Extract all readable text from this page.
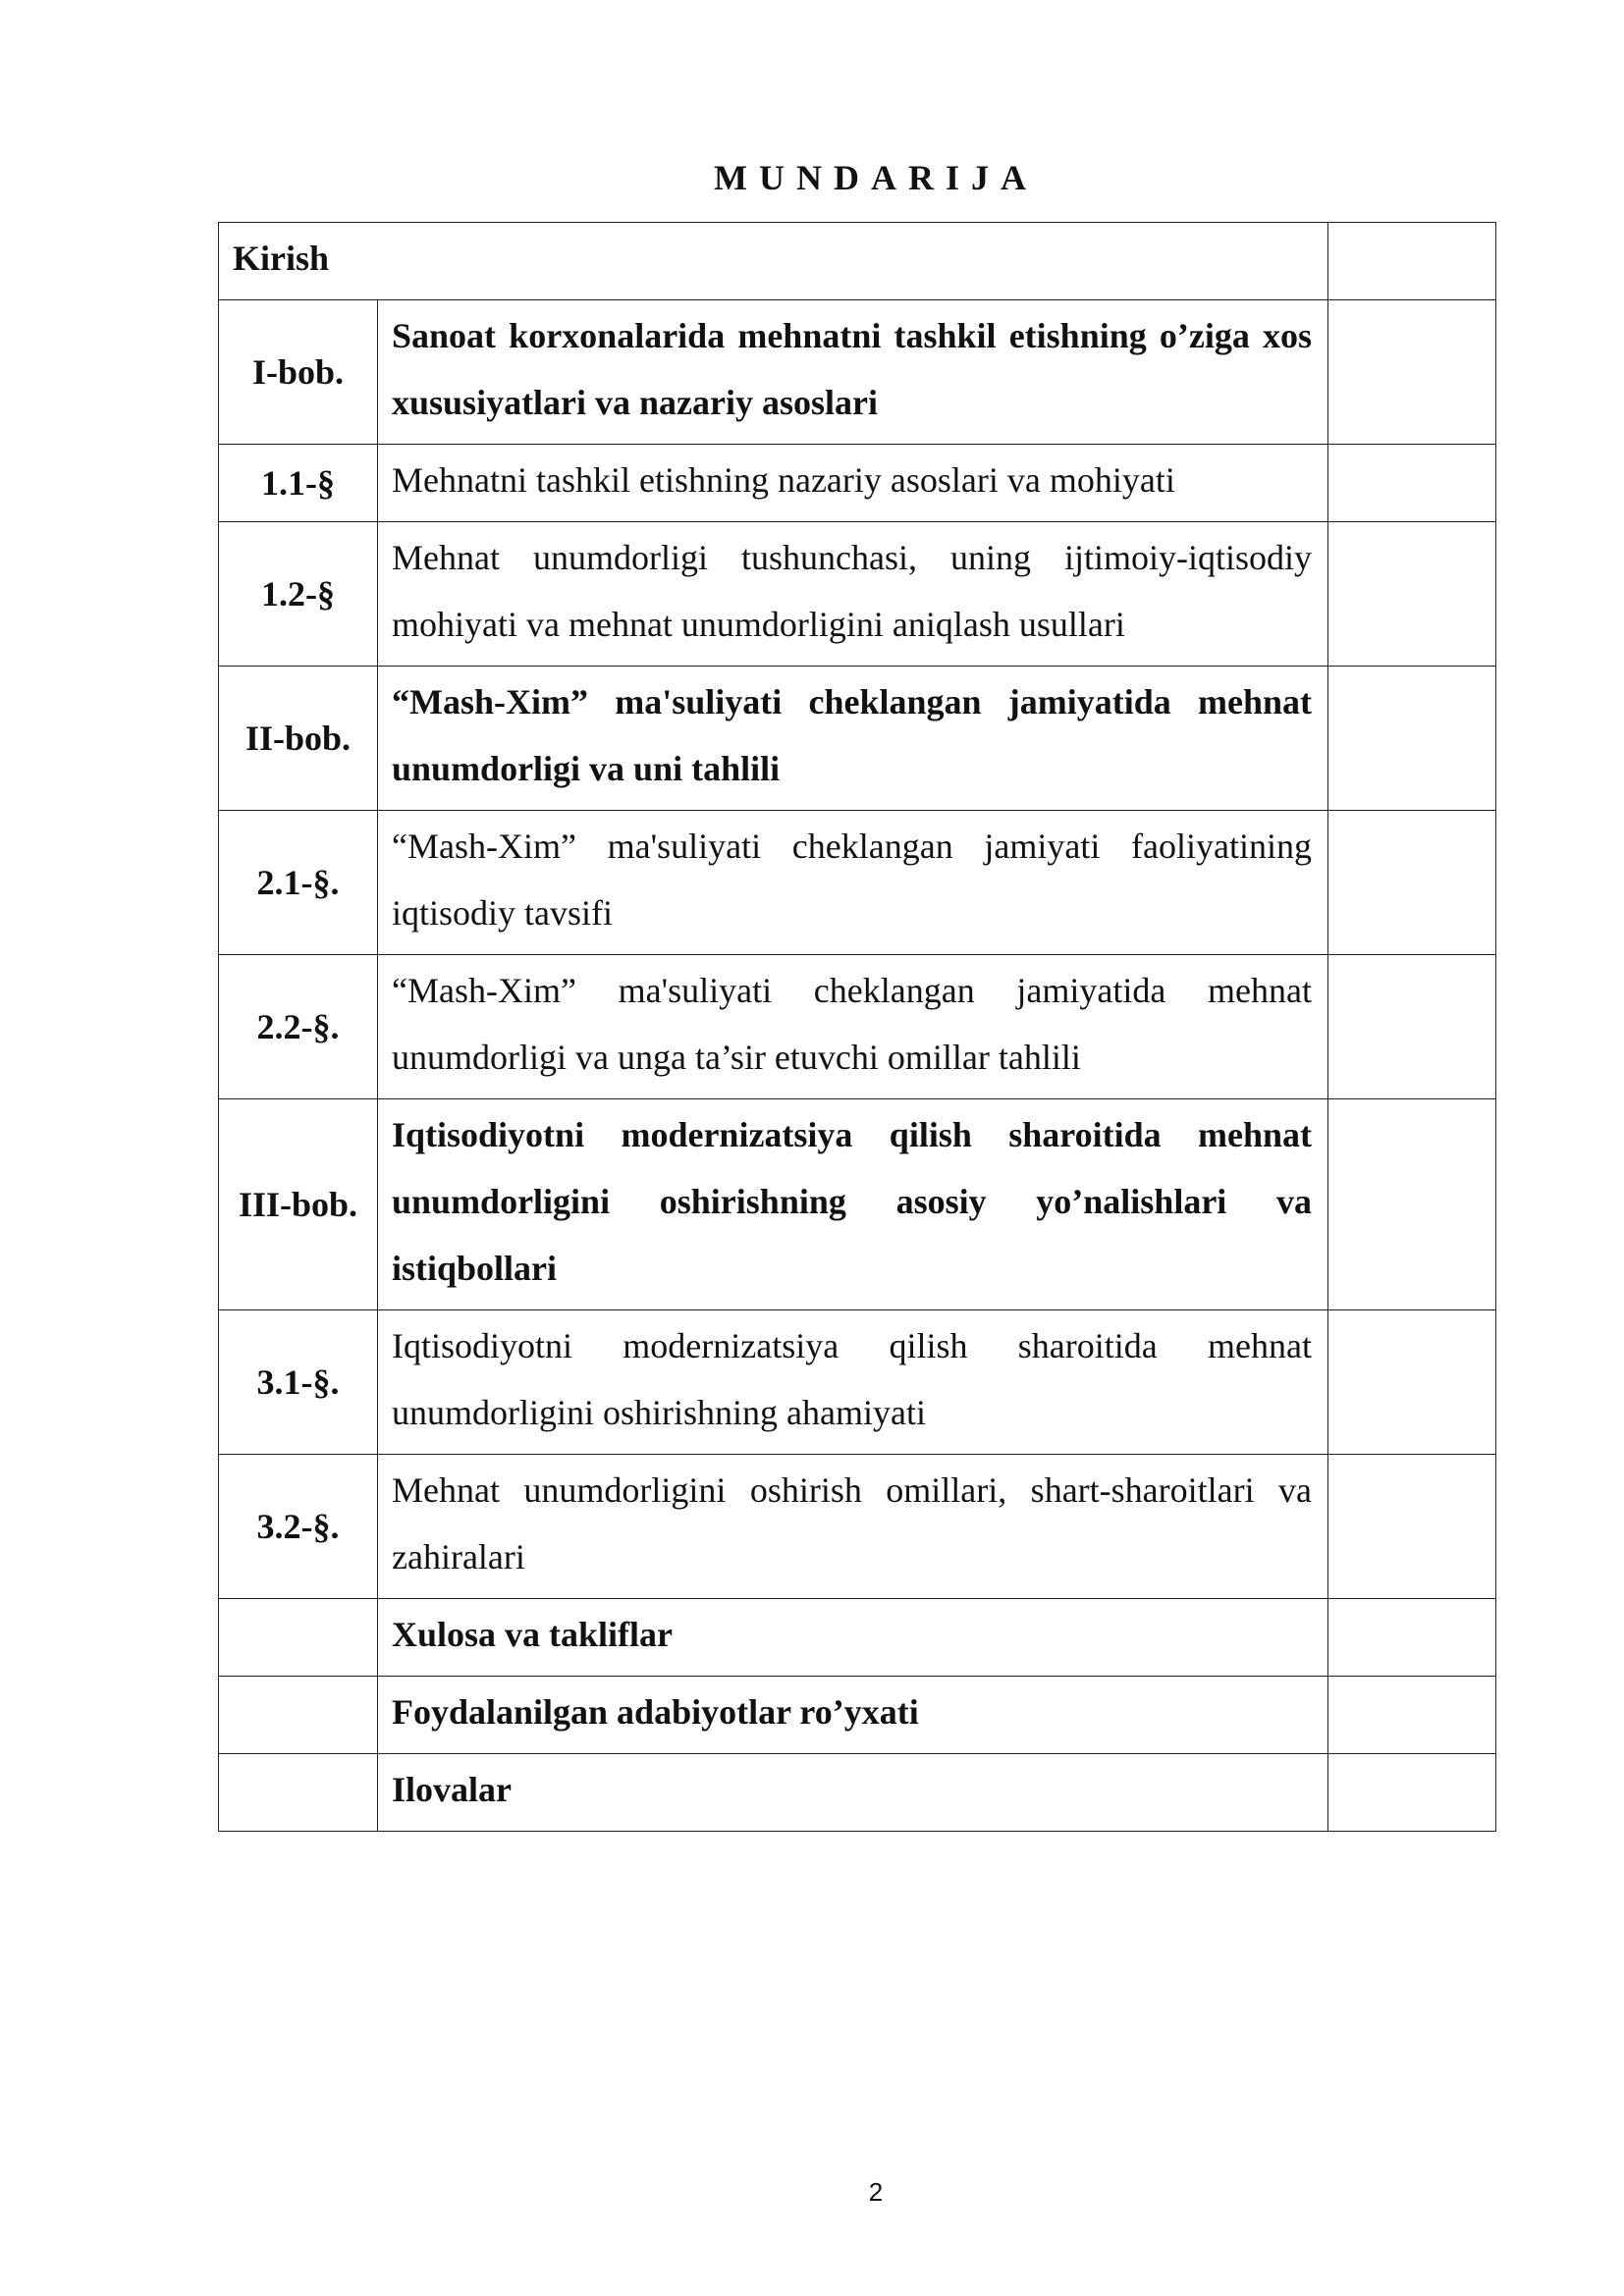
MUNDARIJA
Kirish		
I-bob.	Sanoat korxonalarida mehnatni tashkil etishning o’ziga xos xususiyatlari va nazariy asoslari	
1.1-§	Mehnatni tashkil etishning nazariy asoslari va mohiyati	
1.2-§	Mehnat unumdorligi tushunchasi, uning ijtimoiy-iqtisodiy mohiyati va mehnat unumdorligini aniqlash usullari	
II-bob.	“Mash-Xim” ma'suliyati cheklangan jamiyatida mehnat unumdorligi va uni tahlili	
2.1-§.	“Mash-Xim” ma'suliyati cheklangan jamiyati faoliyatining iqtisodiy tavsifi	
2.2-§.	“Mash-Xim” ma'suliyati cheklangan jamiyatida mehnat unumdorligi va unga ta’sir etuvchi omillar tahlili	
III-bob.	Iqtisodiyotni modernizatsiya qilish sharoitida mehnat unumdorligini oshirishning asosiy yo’nalishlari va istiqbollari	
3.1-§.	Iqtisodiyotni modernizatsiya qilish sharoitida mehnat unumdorligini oshirishning ahamiyati	
3.2-§.	Mehnat unumdorligini oshirish omillari, shart-sharoitlari va zahiralari	
	Xulosa va takliflar	
	Foydalanilgan adabiyotlar ro’yxati	
	Ilovalar	
2
